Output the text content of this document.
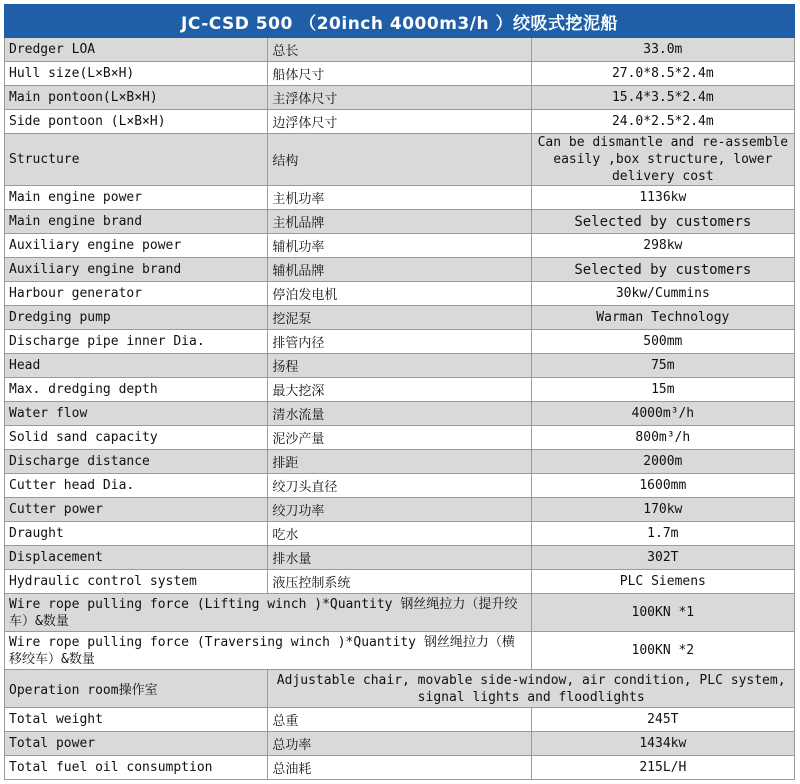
JC-CSD 500 （20inch 4000m3/h ）绞吸式挖泥船		
Dredger LOA	总长	33.0m
Hull size(L×B×H)	船体尺寸	27.0*8.5*2.4m
Main pontoon(L×B×H)	主浮体尺寸	15.4*3.5*2.4m
Side pontoon (L×B×H)	边浮体尺寸	24.0*2.5*2.4m
Structure	结构	Can be dismantle and re-assemble easily ,box structure, lower delivery cost
Main engine power	主机功率	1136kw
Main engine brand	主机品牌	Selected by customers
Auxiliary engine power	辅机功率	298kw
Auxiliary engine brand	辅机品牌	Selected by customers
Harbour generator	停泊发电机	30kw/Cummins
Dredging pump	挖泥泵	Warman Technology
Discharge pipe inner Dia.	排管内径	500mm
Head	扬程	75m
Max. dredging depth	最大挖深	15m
Water flow	清水流量	4000m³/h
Solid sand capacity	泥沙产量	800m³/h
Discharge distance	排距	2000m
Cutter head Dia.	绞刀头直径	1600mm
Cutter power	绞刀功率	170kw
Draught	吃水	1.7m
Displacement	排水量	302T
Hydraulic control system	液压控制系统	PLC Siemens
Wire rope pulling force (Lifting winch )*Quantity 钢丝绳拉力（提升绞车）&数量		100KN *1
Wire rope pulling force (Traversing winch )*Quantity 钢丝绳拉力（横移绞车）&数量		100KN *2
Operation room操作室	Adjustable chair, movable side-window, air condition, PLC system, signal lights and floodlights	
Total weight	总重	245T
Total power	总功率	1434kw
Total fuel oil consumption	总油耗	215L/H
